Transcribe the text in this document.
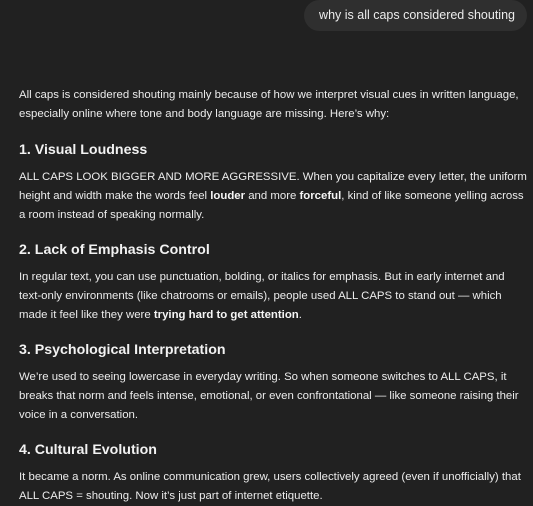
why is all caps considered shouting

All caps is considered shouting mainly because of how we interpret visual cues in written language, especially online where tone and body language are missing. Here’s why:

1. Visual Loudness

ALL CAPS LOOK BIGGER AND MORE AGGRESSIVE. When you capitalize every letter, the uniform height and width make the words feel louder and more forceful, kind of like someone yelling across a room instead of speaking normally.

2. Lack of Emphasis Control

In regular text, you can use punctuation, bolding, or italics for emphasis. But in early internet and text-only environments (like chatrooms or emails), people used ALL CAPS to stand out — which made it feel like they were trying hard to get attention.

3. Psychological Interpretation

We’re used to seeing lowercase in everyday writing. So when someone switches to ALL CAPS, it breaks that norm and feels intense, emotional, or even confrontational — like someone raising their voice in a conversation.

4. Cultural Evolution

It became a norm. As online communication grew, users collectively agreed (even if unofficially) that ALL CAPS = shouting. Now it’s just part of internet etiquette.
